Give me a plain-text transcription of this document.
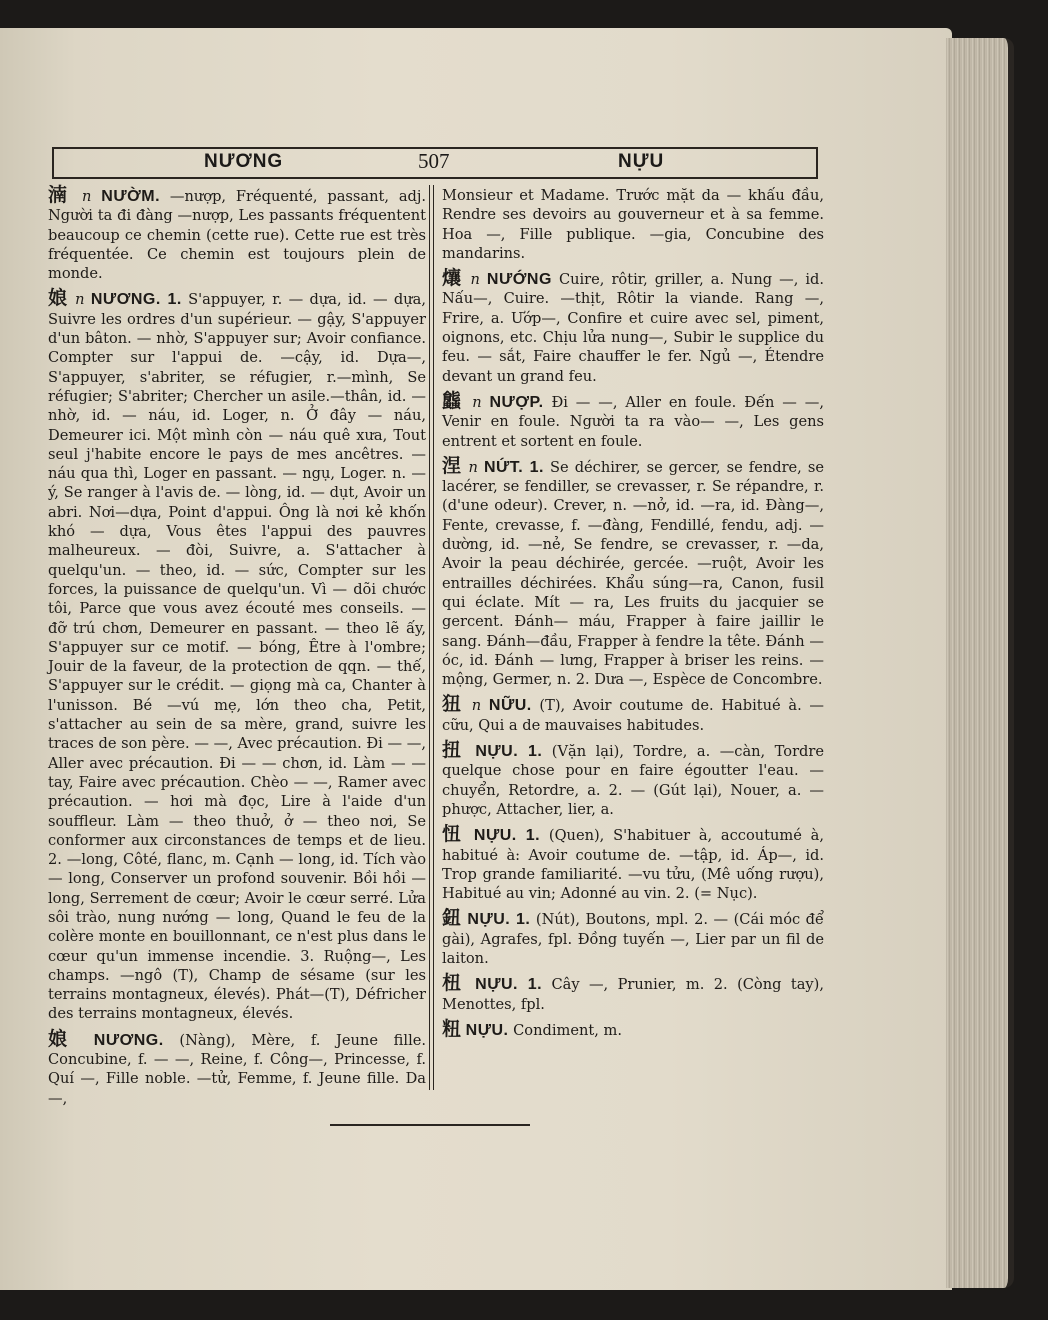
NƯƠNG	507	NỰU

湳 n NƯỜM. —nượp, Fréquenté, passant, adj. Người ta đi đàng —nượp, Les passants fréquentent beaucoup ce chemin (cette rue). Cette rue est très fréquentée. Ce chemin est toujours plein de monde.

娘 n NƯƠNG. 1. S'appuyer, r. — dựa, id. — dựa, Suivre les ordres d'un supérieur. — gậy, S'appuyer d'un bâton. — nhờ, S'appuyer sur; Avoir confiance. Compter sur l'appui de. —cậy, id. Dựa—, S'appuyer, s'abriter, se réfugier, r.—mình, Se réfugier; S'abriter; Chercher un asile.—thân, id. — nhờ, id. — náu, id. Loger, n. Ở đây — náu, Demeurer ici. Một mình còn — náu quê xưa, Tout seul j'habite encore le pays de mes ancêtres. — náu qua thì, Loger en passant. — ngụ, Loger. n. — ý, Se ranger à l'avis de. — lòng, id. — dụt, Avoir un abri. Nơi—dựa, Point d'appui. Ông là nơi kẻ khốn khó — dựa, Vous êtes l'appui des pauvres malheureux. — đòi, Suivre, a. S'attacher à quelqu'un. — theo, id. — sức, Compter sur les forces, la puissance de quelqu'un. Vì — dõi chước tôi, Parce que vous avez écouté mes conseils. — đỡ trú chơn, Demeurer en passant. — theo lẽ ấy, S'appuyer sur ce motif. — bóng, Être à l'ombre; Jouir de la faveur, de la protection de qqn. — thế, S'appuyer sur le crédit. — giọng mà ca, Chanter à l'unisson. Bé —vú mẹ, lớn theo cha, Petit, s'attacher au sein de sa mère, grand, suivre les traces de son père. — —, Avec précaution. Đi — —, Aller avec précaution. Đi — — chơn, id. Làm — — tay, Faire avec précaution. Chèo — —, Ramer avec précaution. — hơi mà đọc, Lire à l'aide d'un souffleur. Làm — theo thuở, ở — theo nơi, Se conformer aux circonstances de temps et de lieu. 2. —long, Côté, flanc, m. Cạnh — long, id. Tích vào — long, Conserver un profond souvenir. Bồi hồi — long, Serrement de cœur; Avoir le cœur serré. Lửa sôi trào, nung nướng — long, Quand le feu de la colère monte en bouillonnant, ce n'est plus dans le cœur qu'un immense incendie. 3. Ruộng—, Les champs. —ngô (T), Champ de sésame (sur les terrains montagneux, élevés). Phát—(T), Défricher des terrains montagneux, élevés.

娘 NƯƠNG. (Nàng), Mère, f. Jeune fille. Concubine, f. — —, Reine, f. Công—, Princesse, f. Quí —, Fille noble. —tử, Femme, f. Jeune fille. Da—,

Monsieur et Madame. Trước mặt da — khấu đầu, Rendre ses devoirs au gouverneur et à sa femme. Hoa —, Fille publique. —gia, Concubine des mandarins.

爙 n NƯỚNG Cuire, rôtir, griller, a. Nung —, id. Nấu—, Cuire. —thịt, Rôtir la viande. Rang —, Frire, a. Ướp—, Confire et cuire avec sel, piment, oignons, etc. Chịu lửa nung—, Subir le supplice du feu. — sắt, Faire chauffer le fer. Ngủ —, Étendre devant un grand feu.

䘅 n NƯỢP. Đi — —, Aller en foule. Đến — —, Venir en foule. Người ta ra vào— —, Les gens entrent et sortent en foule.

涅 n NỨT. 1. Se déchirer, se gercer, se fendre, se lacérer, se fendiller, se crevasser, r. Se répandre, r. (d'une odeur). Crever, n. —nở, id. —ra, id. Đàng—, Fente, crevasse, f. —đàng, Fendillé, fendu, adj. —dường, id. —nẻ, Se fendre, se crevasser, r. —da, Avoir la peau déchirée, gercée. —ruột, Avoir les entrailles déchirées. Khẩu súng—ra, Canon, fusil qui éclate. Mít — ra, Les fruits du jacquier se gercent. Đánh— máu, Frapper à faire jaillir le sang. Đánh—đầu, Frapper à fendre la tête. Đánh — óc, id. Đánh — lưng, Frapper à briser les reins. — mộng, Germer, n. 2. Dưa —, Espèce de Concombre.

狃 n NỮU. (T), Avoir coutume de. Habitué à. — cữu, Qui a de mauvaises habitudes.

扭 NỰU. 1. (Vặn lại), Tordre, a. —càn, Tordre quelque chose pour en faire égoutter l'eau. —chuyển, Retordre, a. 2. — (Gút lại), Nouer, a. —phược, Attacher, lier, a.

忸 NỰU. 1. (Quen), S'habituer à, accoutumé à, habitué à: Avoir coutume de. —tập, id. Áp—, id. Trop grande familiarité. —vu tửu, (Mê uống rượu), Habitué au vin; Adonné au vin. 2. (= Nục).

鈕 NỰU. 1. (Nút), Boutons, mpl. 2. — (Cái móc để gài), Agrafes, fpl. Đồng tuyến —, Lier par un fil de laiton.

杻 NỰU. 1. Cây —, Prunier, m. 2. (Còng tay), Menottes, fpl.

粈 NỰU. Condiment, m.
